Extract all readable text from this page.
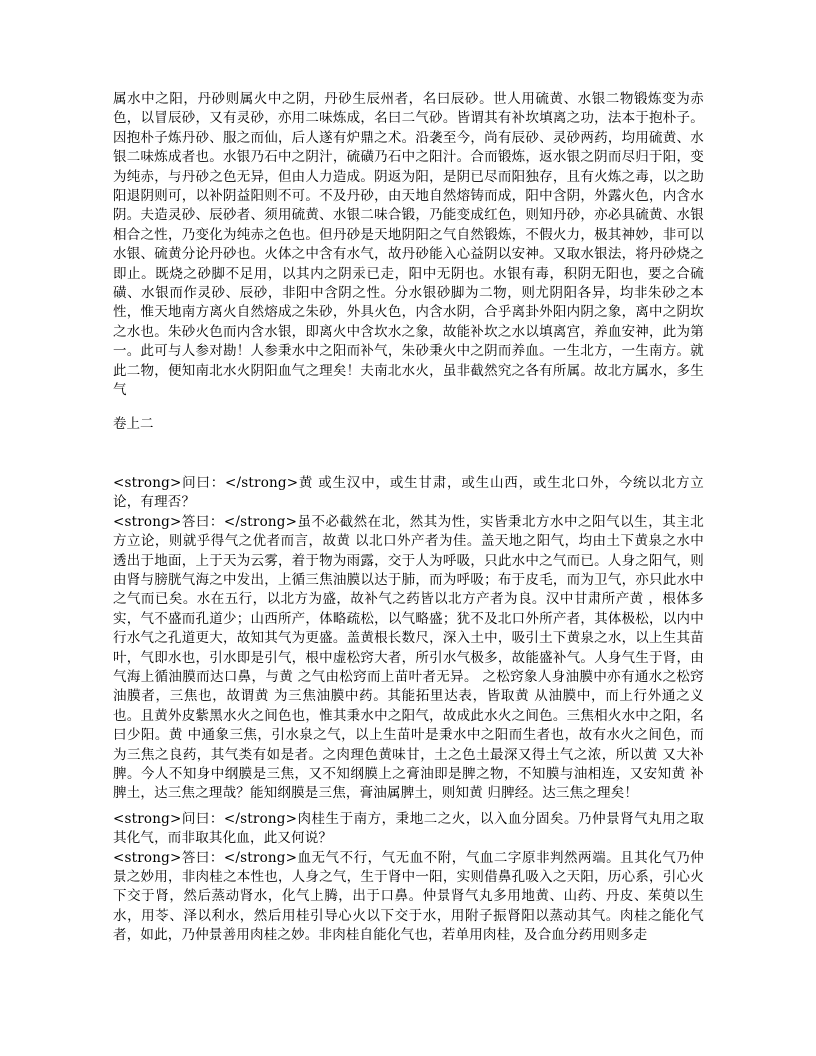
属水中之阳，丹砂则属火中之阴，丹砂生辰州者，名曰辰砂。世人用硫黄、水银二物锻炼变为赤色，以冒辰砂，又有灵砂，亦用二味炼成，名曰二气砂。皆谓其有补坎填离之功，法本于抱朴子。因抱朴子炼丹砂、服之而仙，后人遂有炉鼎之术。沿袭至今，尚有辰砂、灵砂两药，均用硫黄、水银二味炼成者也。水银乃石中之阴汁，硫磺乃石中之阳汁。合而锻炼，返水银之阴而尽归于阳，变为纯赤，与丹砂之色无异，但由人力造成。阴返为阳，是阴已尽而阳独存，且有火炼之毒，以之助阳退阴则可，以补阴益阳则不可。不及丹砂，由天地自然熔铸而成，阳中含阴，外露火色，内含水阴。夫造灵砂、辰砂者、须用硫黄、水银二味合锻，乃能变成红色，则知丹砂，亦必具硫黄、水银相合之性，乃变化为纯赤之色也。但丹砂是天地阴阳之气自然锻炼，不假火力，极其神妙，非可以水银、硫黄分论丹砂也。火体之中含有水气，故丹砂能入心益阴以安神。又取水银法，将丹砂烧之即止。既烧之砂脚不足用，以其内之阴汞已走，阳中无阴也。水银有毒，积阴无阳也，要之合硫磺、水银而作灵砂、辰砂，非阳中含阴之性。分水银砂脚为二物，则尤阴阳各异，均非朱砂之本性，惟天地南方离火自然熔成之朱砂，外具火色，内含水阴，合乎离卦外阳内阴之象，离中之阴坎之水也。朱砂火色而内含水银，即离火中含坎水之象，故能补坎之水以填离宫，养血安神，此为第一。此可与人参对勘！人参秉水中之阳而补气，朱砂秉火中之阴而养血。一生北方，一生南方。就此二物，便知南北水火阴阳血气之理矣！夫南北水火，虽非截然究之各有所属。故北方属水，多生气

卷上二

<strong>问曰：</strong>黄 或生汉中，或生甘肃，或生山西，或生北口外，今统以北方立论，有理否？

<strong>答曰：</strong>虽不必截然在北，然其为性，实皆秉北方水中之阳气以生，其主北方立论，则就乎得气之优者而言，故黄 以北口外产者为佳。盖天地之阳气，均由土下黄泉之水中透出于地面，上于天为云雾，着于物为雨露，交于人为呼吸，只此水中之气而已。人身之阳气，则由肾与膀胱气海之中发出，上循三焦油膜以达于肺，而为呼吸；布于皮毛，而为卫气，亦只此水中之气而已矣。水在五行，以北方为盛，故补气之药皆以北方产者为良。汉中甘肃所产黄 ，根体多实，气不盛而孔道少；山西所产，体略疏松，以气略盛；犹不及北口外所产者，其体极松，以内中行水气之孔道更大，故知其气为更盛。盖黄根长数尺，深入土中，吸引土下黄泉之水，以上生其苗叶，气即水也，引水即是引气，根中虚松窍大者，所引水气极多，故能盛补气。人身气生于肾，由气海上循油膜而达口鼻，与黄 之气由松窍而上苗叶者无异。 之松窍象人身油膜中亦有通水之松窍油膜者，三焦也，故谓黄 为三焦油膜中药。其能拓里达表，皆取黄 从油膜中，而上行外通之义也。且黄外皮紫黑水火之间色也，惟其秉水中之阳气，故成此水火之间色。三焦相火水中之阳，名曰少阳。黄 中通象三焦，引水泉之气，以上生苗叶是秉水中之阳而生者也，故有水火之间色，而为三焦之良药，其气类有如是者。之肉理色黄味甘，土之色土最深又得土气之浓，所以黄 又大补脾。今人不知身中纲膜是三焦，又不知纲膜上之膏油即是脾之物，不知膜与油相连，又安知黄 补脾土，达三焦之理哉？能知纲膜是三焦，膏油属脾土，则知黄 归脾经。达三焦之理矣！

<strong>问曰：</strong>肉桂生于南方，秉地二之火，以入血分固矣。乃仲景肾气丸用之取其化气，而非取其化血，此又何说？

<strong>答曰：</strong>血无气不行，气无血不附，气血二字原非判然两端。且其化气乃仲景之妙用，非肉桂之本性也，人身之气，生于肾中一阳，实则借鼻孔吸入之天阳，历心系，引心火下交于肾，然后蒸动肾水，化气上腾，出于口鼻。仲景肾气丸多用地黄、山药、丹皮、茱萸以生水，用苓、泽以利水，然后用桂引导心火以下交于水，用附子振肾阳以蒸动其气。肉桂之能化气者，如此，乃仲景善用肉桂之妙。非肉桂自能化气也，若单用肉桂，及合血分药用则多走
